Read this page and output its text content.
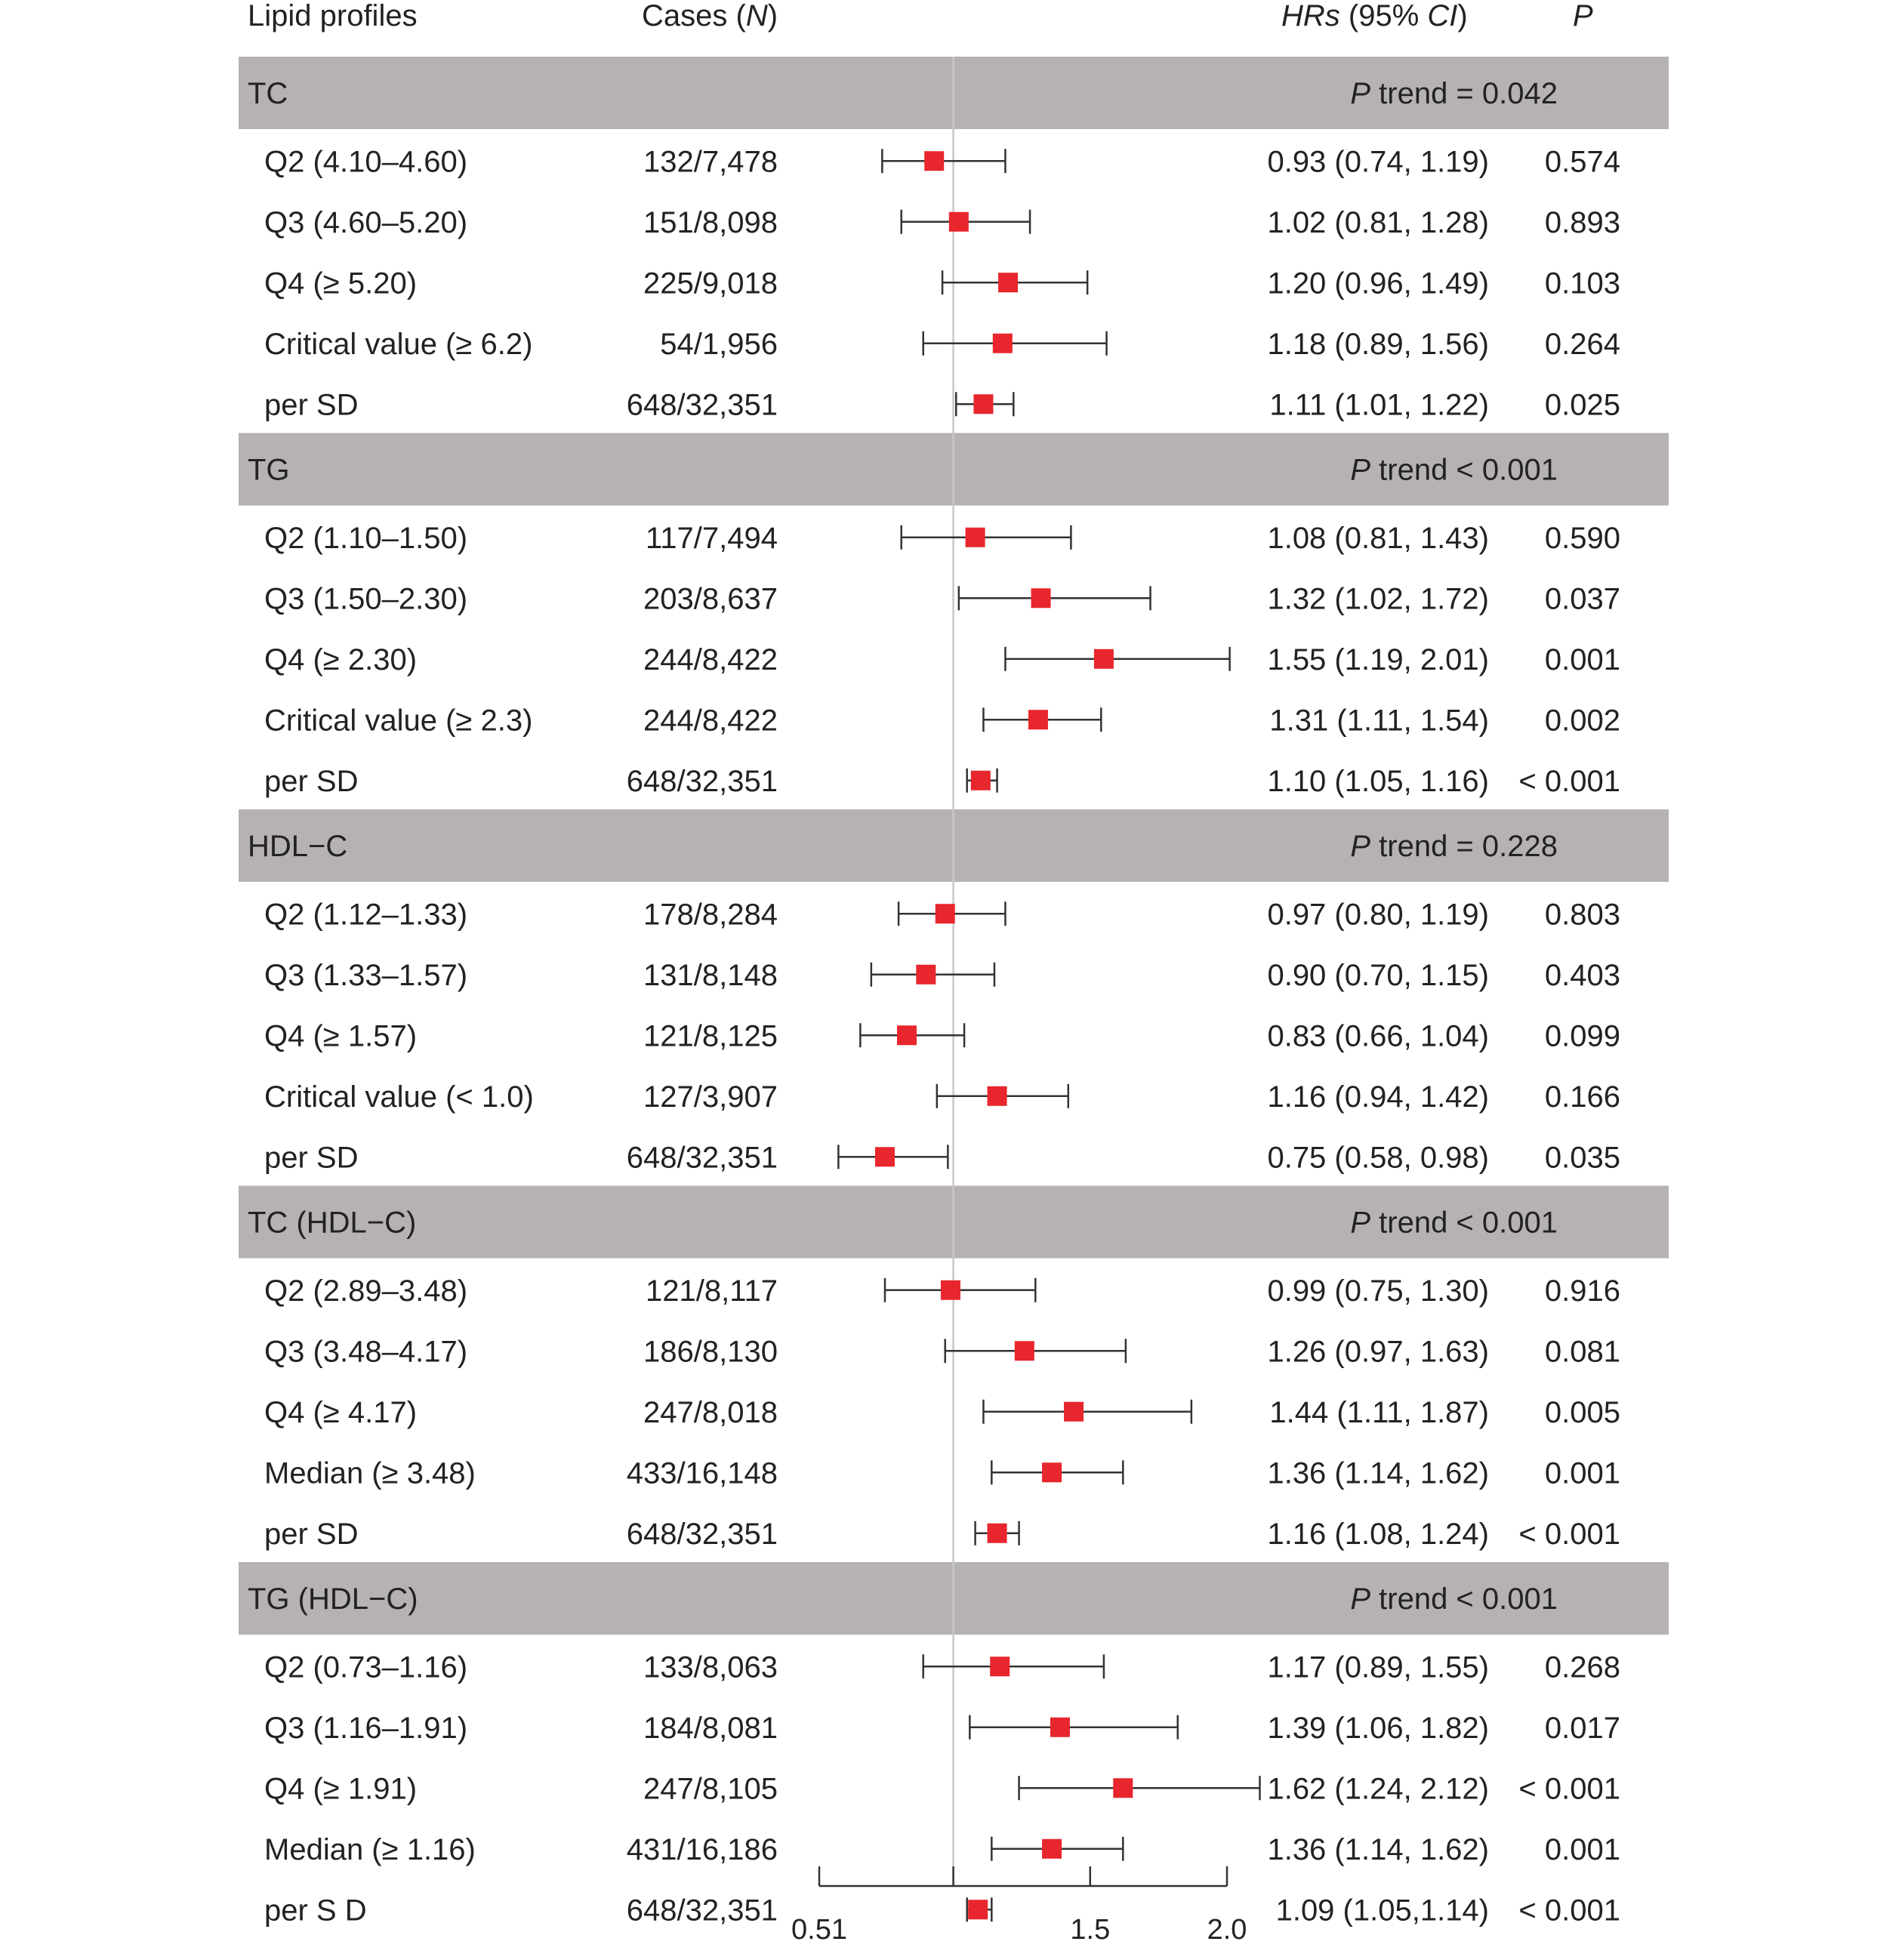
Lipid profiles	Cases (N)	HRs (95% CI)	P
TC	P trend = 0.042
Q2 (4.10–4.60)	132/7,478	0.93 (0.74, 1.19) 0.574
Q3 (4.60–5.20)	151/8,098	1.02 (0.81, 1.28) 0.893
Q4 (≥ 5.20)	225/9,018	1.20 (0.96, 1.49) 0.103
Critical value (≥ 6.2)	54/1,956	1.18 (0.89, 1.56) 0.264
per SD	648/32,351	1.11 (1.01, 1.22) 0.025
TG	P trend < 0.001
Q2 (1.10–1.50)	117/7,494	1.08 (0.81, 1.43) 0.590
Q3 (1.50–2.30)	203/8,637	1.32 (1.02, 1.72) 0.037
Q4 (≥ 2.30)	244/8,422	1.55 (1.19, 2.01) 0.001
Critical value (≥ 2.3)	244/8,422	1.31 (1.11, 1.54) 0.002
per SD	648/32,351	1.10 (1.05, 1.16) < 0.001
HDL−C	P trend = 0.228
Q2 (1.12–1.33)	178/8,284	0.97 (0.80, 1.19) 0.803
Q3 (1.33–1.57)	131/8,148	0.90 (0.70, 1.15) 0.403
Q4 (≥ 1.57)	121/8,125	0.83 (0.66, 1.04) 0.099
Critical value (< 1.0)	127/3,907	1.16 (0.94, 1.42) 0.166
per SD	648/32,351	0.75 (0.58, 0.98) 0.035
TC (HDL−C)	P trend < 0.001
Q2 (2.89–3.48)	121/8,117	0.99 (0.75, 1.30) 0.916
Q3 (3.48–4.17)	186/8,130	1.26 (0.97, 1.63) 0.081
Q4 (≥ 4.17)	247/8,018	1.44 (1.11, 1.87) 0.005
Median (≥ 3.48)	433/16,148	1.36 (1.14, 1.62) 0.001
per SD	648/32,351	1.16 (1.08, 1.24) < 0.001
TG (HDL−C)	P trend < 0.001
Q2 (0.73–1.16)	133/8,063	1.17 (0.89, 1.55) 0.268
Q3 (1.16–1.91)	184/8,081	1.39 (1.06, 1.82) 0.017
Q4 (≥ 1.91)	247/8,105	1.62 (1.24, 2.12) < 0.001
Median (≥ 1.16)	431/16,186	1.36 (1.14, 1.62) 0.001
per S D	648/32,351	1.09 (1.05,1.14) < 0.001
0.51	1.5	2.0
